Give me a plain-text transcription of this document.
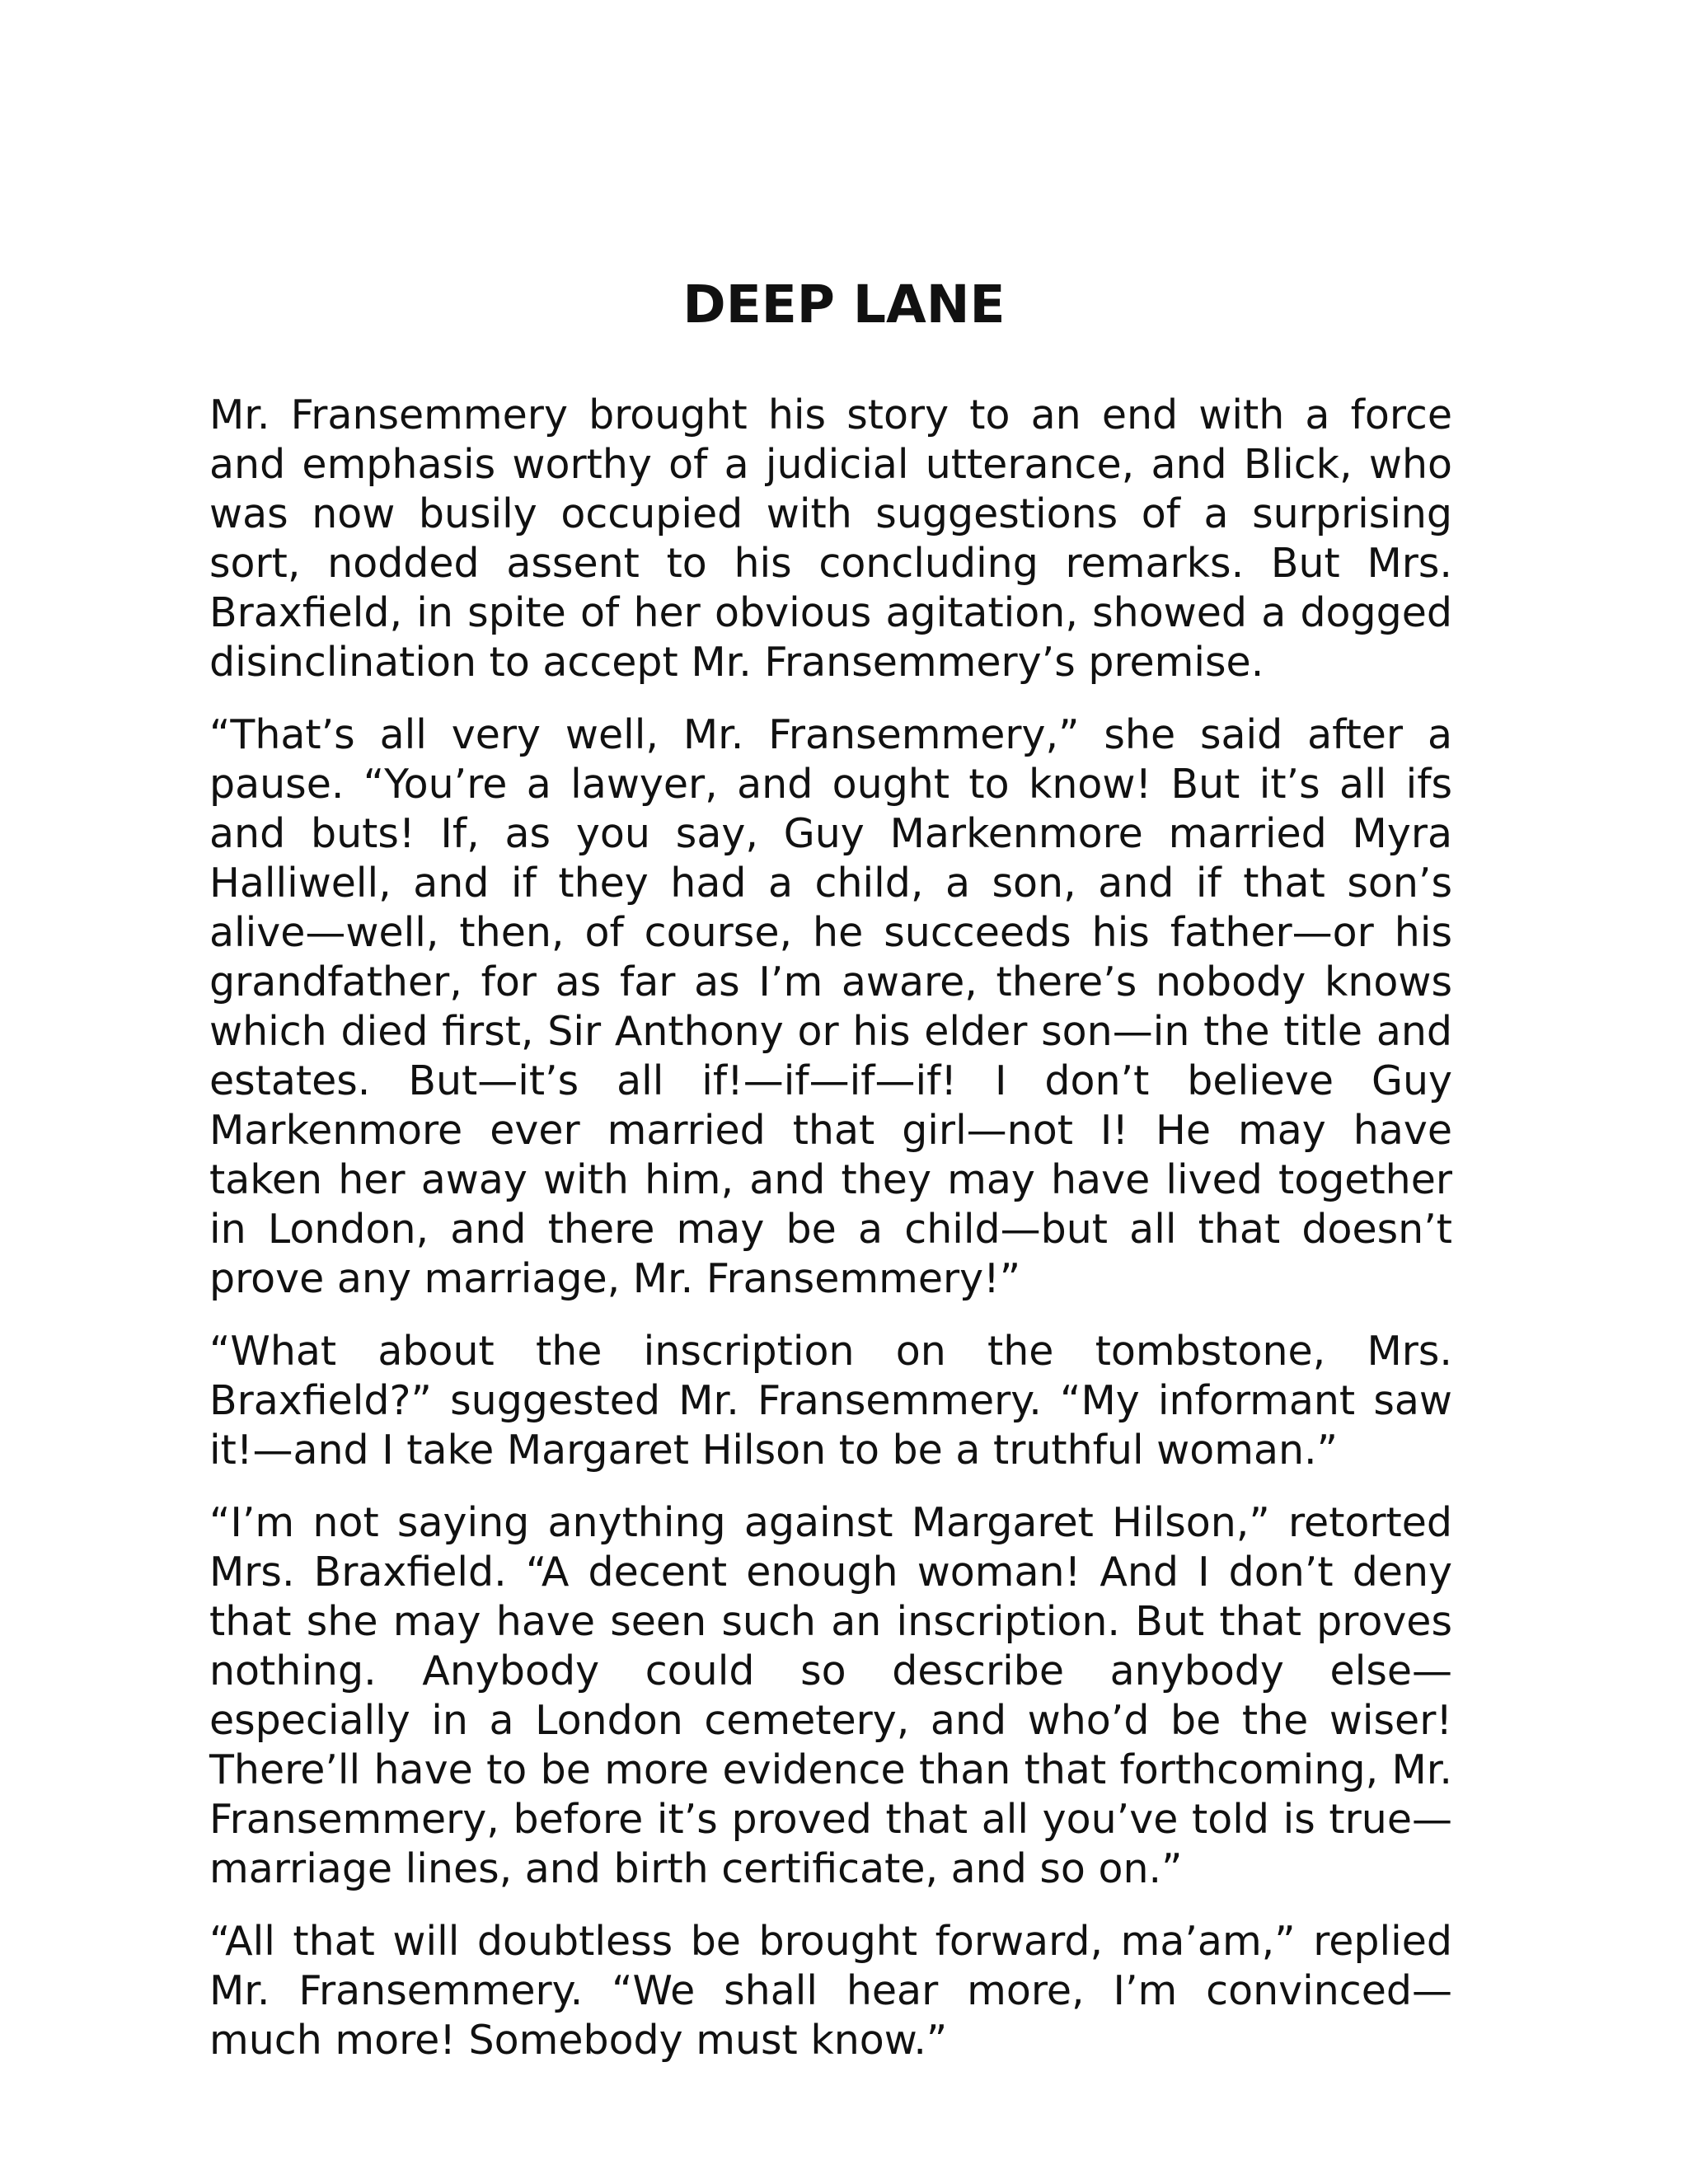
DEEP LANE

Mr. Fransemmery brought his story to an end with a force and emphasis worthy of a judicial utterance, and Blick, who was now busily occupied with suggestions of a surprising sort, nodded assent to his concluding remarks. But Mrs. Braxfield, in spite of her obvious agitation, showed a dogged disinclination to accept Mr. Fransemmery’s premise.

“That’s all very well, Mr. Fransemmery,” she said after a pause. “You’re a lawyer, and ought to know! But it’s all ifs and buts! If, as you say, Guy Markenmore married Myra Halliwell, and if they had a child, a son, and if that son’s alive—well, then, of course, he succeeds his father—or his grandfather, for as far as I’m aware, there’s nobody knows which died first, Sir Anthony or his elder son—in the title and estates. But—it’s all if!—if—if—if! I don’t believe Guy Markenmore ever married that girl—not I! He may have taken her away with him, and they may have lived together in London, and there may be a child—but all that doesn’t prove any marriage, Mr. Fransemmery!”

“What about the inscription on the tombstone, Mrs. Braxfield?” suggested Mr. Fransemmery. “My informant saw it!—and I take Margaret Hilson to be a truthful woman.”

“I’m not saying anything against Margaret Hilson,” retorted Mrs. Braxfield. “A decent enough woman! And I don’t deny that she may have seen such an inscription. But that proves nothing. Anybody could so describe anybody else—especially in a London cemetery, and who’d be the wiser! There’ll have to be more evidence than that forthcoming, Mr. Fransemmery, before it’s proved that all you’ve told is true—marriage lines, and birth certificate, and so on.”

“All that will doubtless be brought forward, ma’am,” replied Mr. Fransemmery. “We shall hear more, I’m convinced—much more! Somebody must know.”
